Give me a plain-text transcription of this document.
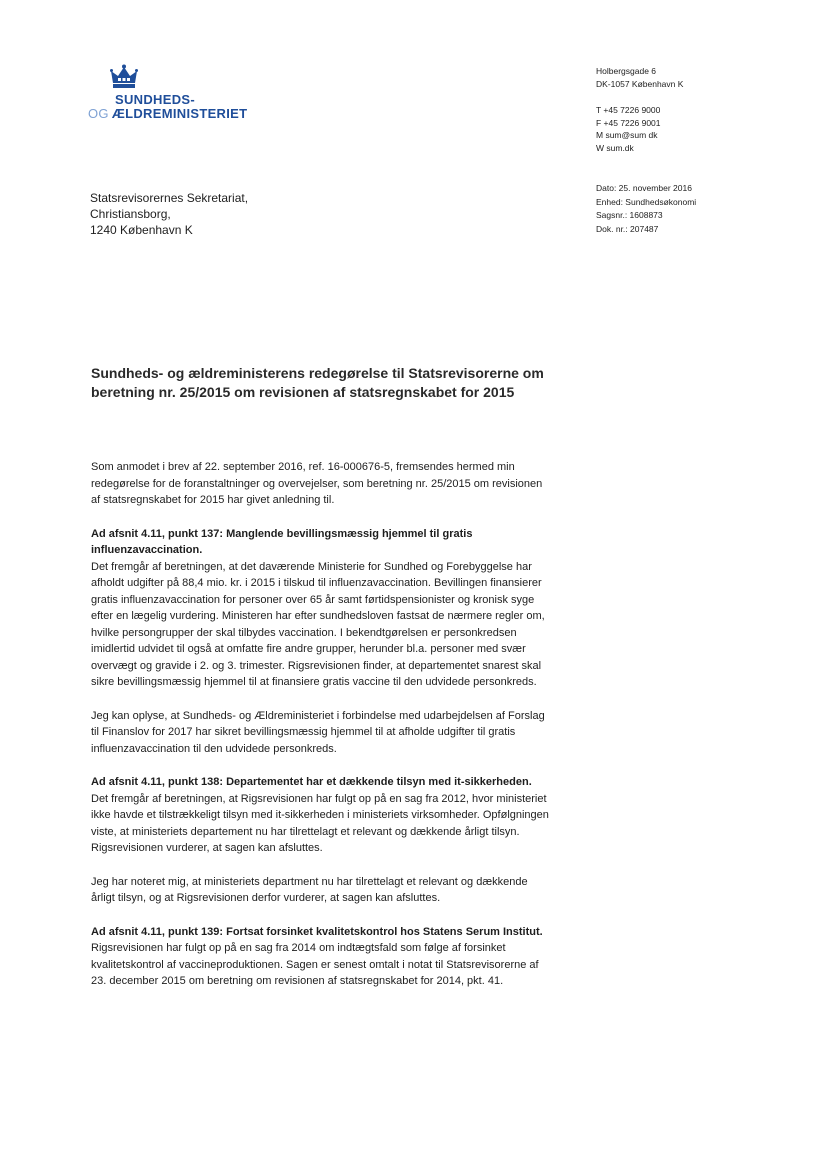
SUNDHEDS-
OG ÆLDREMINISTERIET
Holbergsgade 6
DK-1057 København K
T +45 7226 9000
F +45 7226 9001
M sum@sum dk
W sum.dk
Dato: 25. november 2016
Enhed: Sundhedsøkonomi
Sagsnr.: 1608873
Dok. nr.: 207487
Statsrevisorernes Sekretariat,
Christiansborg,
1240 København K
Sundheds- og ældreministerens redegørelse til Statsrevisorerne om beretning nr. 25/2015 om revisionen af statsregnskabet for 2015

Som anmodet i brev af 22. september 2016, ref. 16-000676-5, fremsendes hermed min redegørelse for de foranstaltninger og overvejelser, som beretning nr. 25/2015 om revisionen af statsregnskabet for 2015 har givet anledning til.

Ad afsnit 4.11, punkt 137: Manglende bevillingsmæssig hjemmel til gratis influenzavaccination.
Det fremgår af beretningen, at det daværende Ministerie for Sundhed og Forebyggelse har afholdt udgifter på 88,4 mio. kr. i 2015 i tilskud til influenzavaccination. Bevillingen finansierer gratis influenzavaccination for personer over 65 år samt førtidspensionister og kronisk syge efter en lægelig vurdering. Ministeren har efter sundhedsloven fastsat de nærmere regler om, hvilke persongrupper der skal tilbydes vaccination. I bekendtgørelsen er personkredsen imidlertid udvidet til også at omfatte fire andre grupper, herunder bl.a. personer med svær overvægt og gravide i 2. og 3. trimester. Rigsrevisionen finder, at departementet snarest skal sikre bevillingsmæssig hjemmel til at finansiere gratis vaccine til den udvidede personkreds.

Jeg kan oplyse, at Sundheds- og Ældreministeriet i forbindelse med udarbejdelsen af Forslag til Finanslov for 2017 har sikret bevillingsmæssig hjemmel til at afholde udgifter til gratis influenzavaccination til den udvidede personkreds.

Ad afsnit 4.11, punkt 138: Departementet har et dækkende tilsyn med it-sikkerheden.
Det fremgår af beretningen, at Rigsrevisionen har fulgt op på en sag fra 2012, hvor ministeriet ikke havde et tilstrækkeligt tilsyn med it-sikkerheden i ministeriets virksomheder. Opfølgningen viste, at ministeriets departement nu har tilrettelagt et relevant og dækkende årligt tilsyn. Rigsrevisionen vurderer, at sagen kan afsluttes.

Jeg har noteret mig, at ministeriets department nu har tilrettelagt et relevant og dækkende årligt tilsyn, og at Rigsrevisionen derfor vurderer, at sagen kan afsluttes.

Ad afsnit 4.11, punkt 139: Fortsat forsinket kvalitetskontrol hos Statens Serum Institut.
Rigsrevisionen har fulgt op på en sag fra 2014 om indtægtsfald som følge af forsinket kvalitetskontrol af vaccineproduktionen. Sagen er senest omtalt i notat til Statsrevisorerne af 23. december 2015 om beretning om revisionen af statsregnskabet for 2014, pkt. 41.
